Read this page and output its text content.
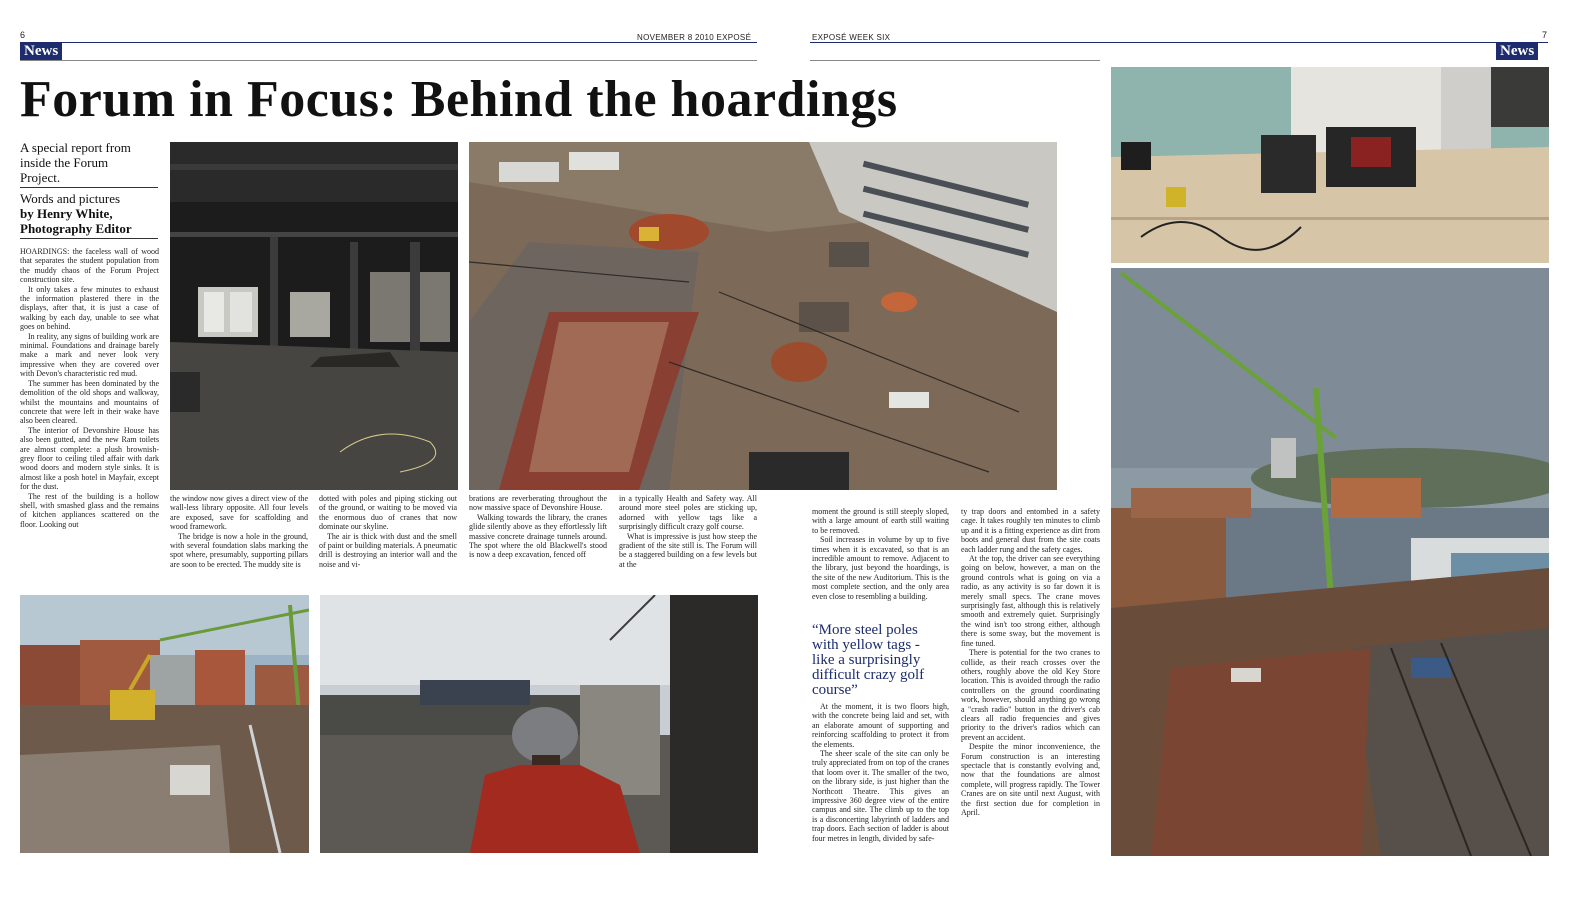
6	NOVEMBER 8 2010 EXPOSÉ	EXPOSÉ WEEK SIX	7
News	News
Forum in Focus: Behind the hoardings
A special report from
inside the Forum
Project.
Words and pictures
by Henry White,
Photography Editor

HOARDINGS: the faceless wall of wood that separates the student population from the muddy chaos of the Forum Project construction site.

It only takes a few minutes to exhaust the information plastered there in the displays, after that, it is just a case of walking by each day, unable to see what goes on behind.

In reality, any signs of building work are minimal. Foundations and drainage barely make a mark and never look very impressive when they are covered over with Devon's characteristic red mud.

The summer has been dominated by the demolition of the old shops and walkway, whilst the mountains and mountains of concrete that were left in their wake have also been cleared.

The interior of Devonshire House has also been gutted, and the new Ram toilets are almost complete: a plush brownish-grey floor to ceiling tiled affair with dark wood doors and modern style sinks. It is almost like a posh hotel in Mayfair, except for the dust.

The rest of the building is a hollow shell, with smashed glass and the remains of kitchen appliances scattered on the floor. Looking out

the window now gives a direct view of the wall-less library opposite. All four levels are exposed, save for scaffolding and wood framework.

The bridge is now a hole in the ground, with several foundation slabs marking the spot where, presumably, supporting pillars are soon to be erected. The muddy site is

dotted with poles and piping sticking out of the ground, or waiting to be moved via the enormous duo of cranes that now dominate our skyline.

The air is thick with dust and the smell of paint or building materials. A pneumatic drill is destroying an interior wall and the noise and vi-

brations are reverberating throughout the now massive space of Devonshire House.

Walking towards the library, the cranes glide silently above as they effortlessly lift massive concrete drainage tunnels around. The spot where the old Blackwell's stood is now a deep excavation, fenced off

in a typically Health and Safety way. All around more steel poles are sticking up, adorned with yellow tags like a surprisingly difficult crazy golf course.

What is impressive is just how steep the gradient of the site still is. The Forum will be a staggered building on a few levels but at the

moment the ground is still steeply sloped, with a large amount of earth still waiting to be removed.

Soil increases in volume by up to five times when it is excavated, so that is an incredible amount to remove. Adjacent to the library, just beyond the hoardings, is the site of the new Auditorium. This is the most complete section, and the only area even close to resembling a building.

“More steel poles
with yellow tags -
like a surprisingly
difficult crazy golf
course”

At the moment, it is two floors high, with the concrete being laid and set, with an elaborate amount of supporting and reinforcing scaffolding to protect it from the elements.

The sheer scale of the site can only be truly appreciated from on top of the cranes that loom over it. The smaller of the two, on the library side, is just higher than the Northcott Theatre. This gives an impressive 360 degree view of the entire campus and site. The climb up to the top is a disconcerting labyrinth of ladders and trap doors. Each section of ladder is about four metres in length, divided by safe-

ty trap doors and entombed in a safety cage. It takes roughly ten minutes to climb up and it is a fitting experience as dirt from boots and general dust from the site coats each ladder rung and the safety cages.

At the top, the driver can see everything going on below, however, a man on the ground controls what is going on via a radio, as any activity is so far down it is merely small specs. The crane moves surprisingly fast, although this is relatively smooth and extremely quiet. Surprisingly the wind isn't too strong either, although there is some sway, but the movement is fine tuned.

There is potential for the two cranes to collide, as their reach crosses over the others, roughly above the old Key Store location. This is avoided through the radio controllers on the ground coordinating work, however, should anything go wrong a "crash radio" button in the driver's cab clears all radio frequencies and gives priority to the driver's radios which can prevent an accident.

Despite the minor inconvenience, the Forum construction is an interesting spectacle that is constantly evolving and, now that the foundations are almost complete, will progress rapidly. The Tower Cranes are on site until next August, with the first section due for completion in April.
